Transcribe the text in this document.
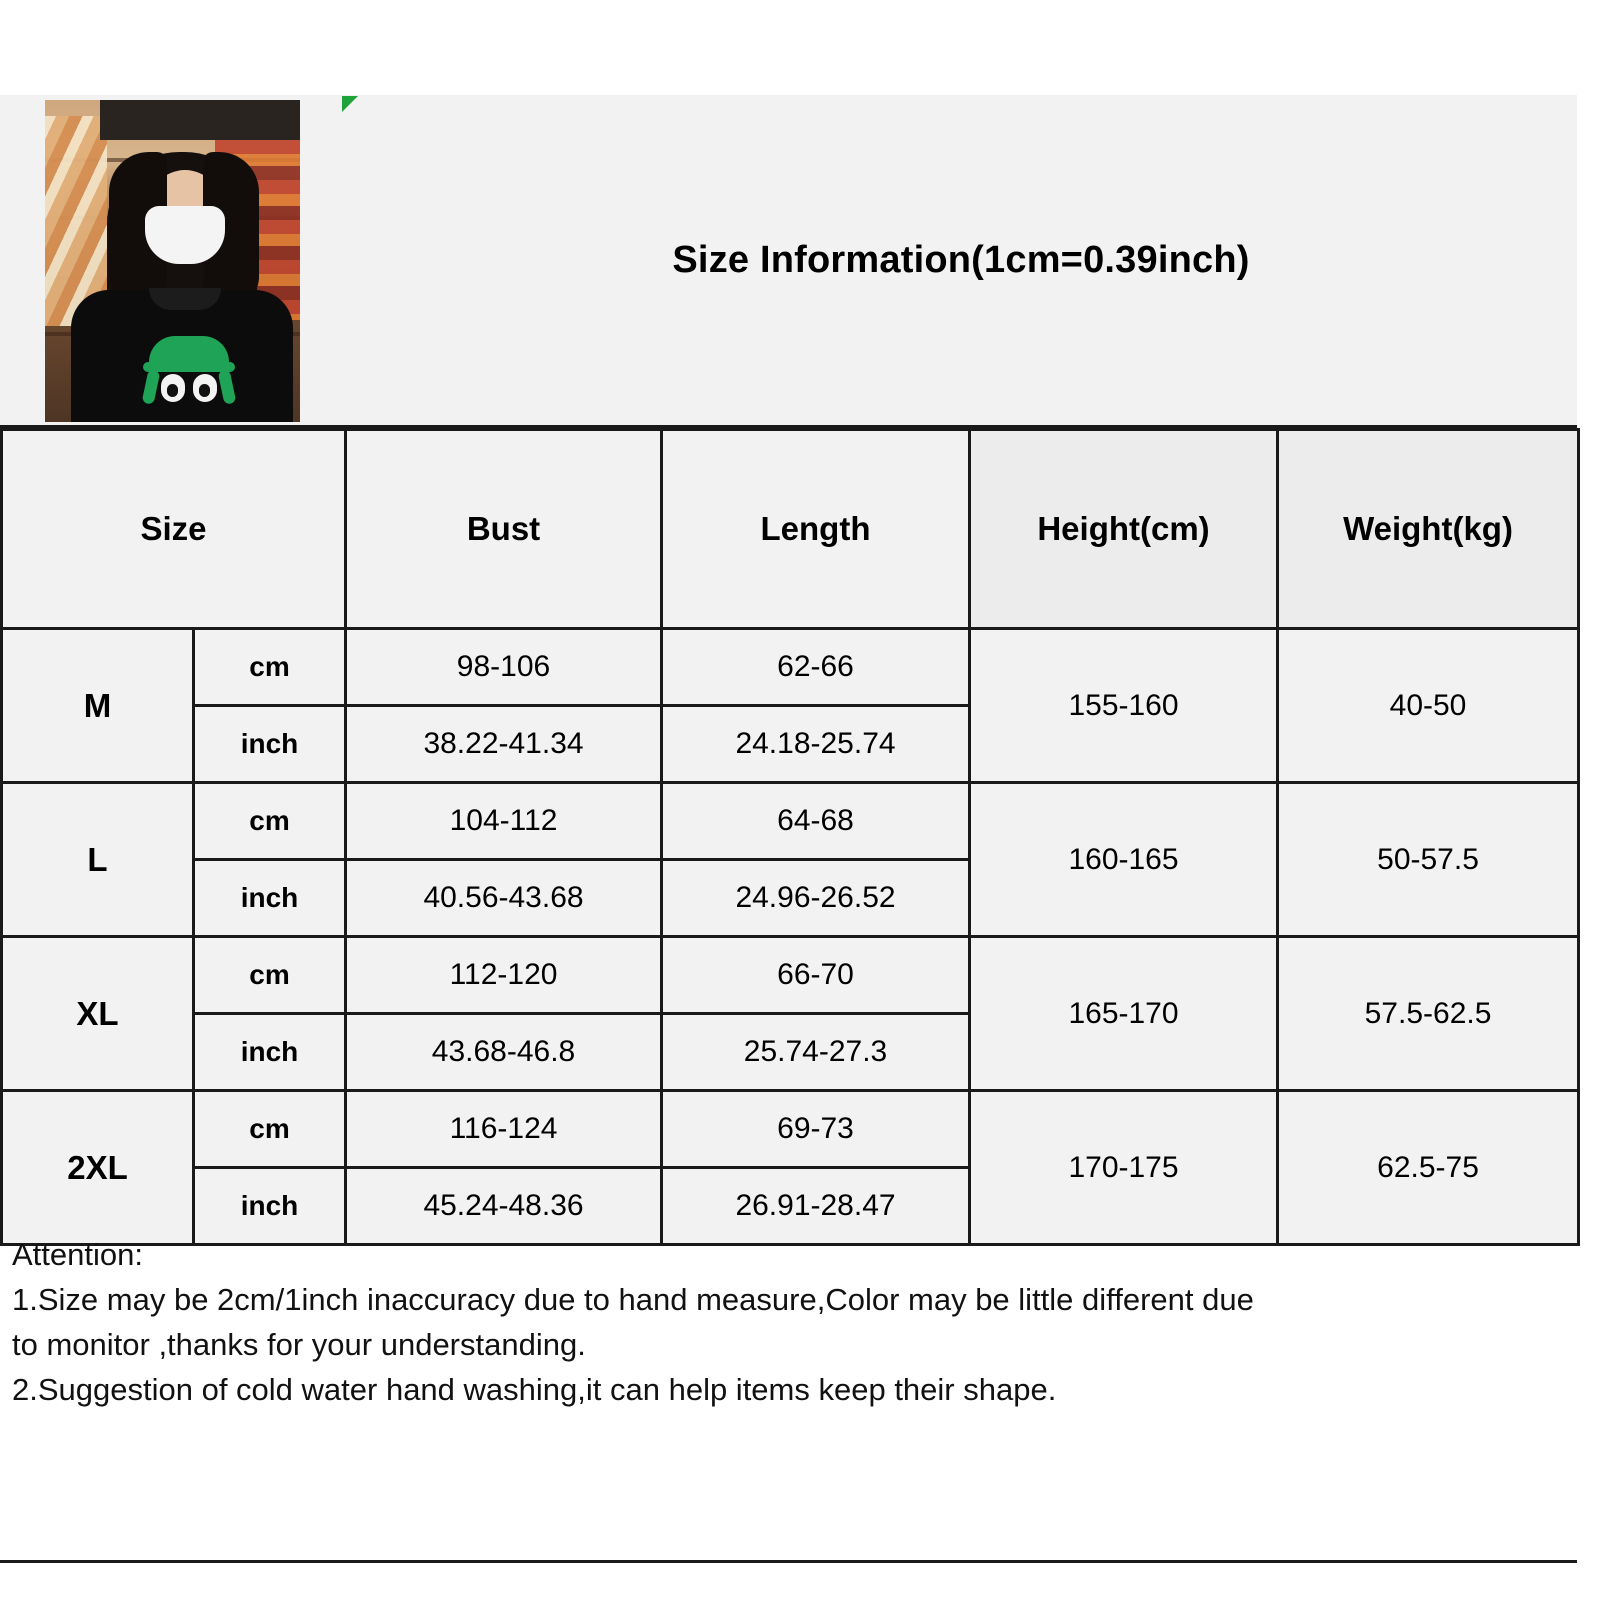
Size Information(1cm=0.39inch)
Size		Bust	Length	Height(cm)	Weight(kg)
M	cm	98-106	62-66	155-160	40-50
	inch	38.22-41.34	24.18-25.74		
L	cm	104-112	64-68	160-165	50-57.5
	inch	40.56-43.68	24.96-26.52		
XL	cm	112-120	66-70	165-170	57.5-62.5
	inch	43.68-46.8	25.74-27.3		
2XL	cm	116-124	69-73	170-175	62.5-75
	inch	45.24-48.36	26.91-28.47		
Attention:
1.Size may be 2cm/1inch inaccuracy due to hand measure,Color may be little different due
to monitor ,thanks for your understanding.
2.Suggestion of cold water hand washing,it can help items keep their shape.
